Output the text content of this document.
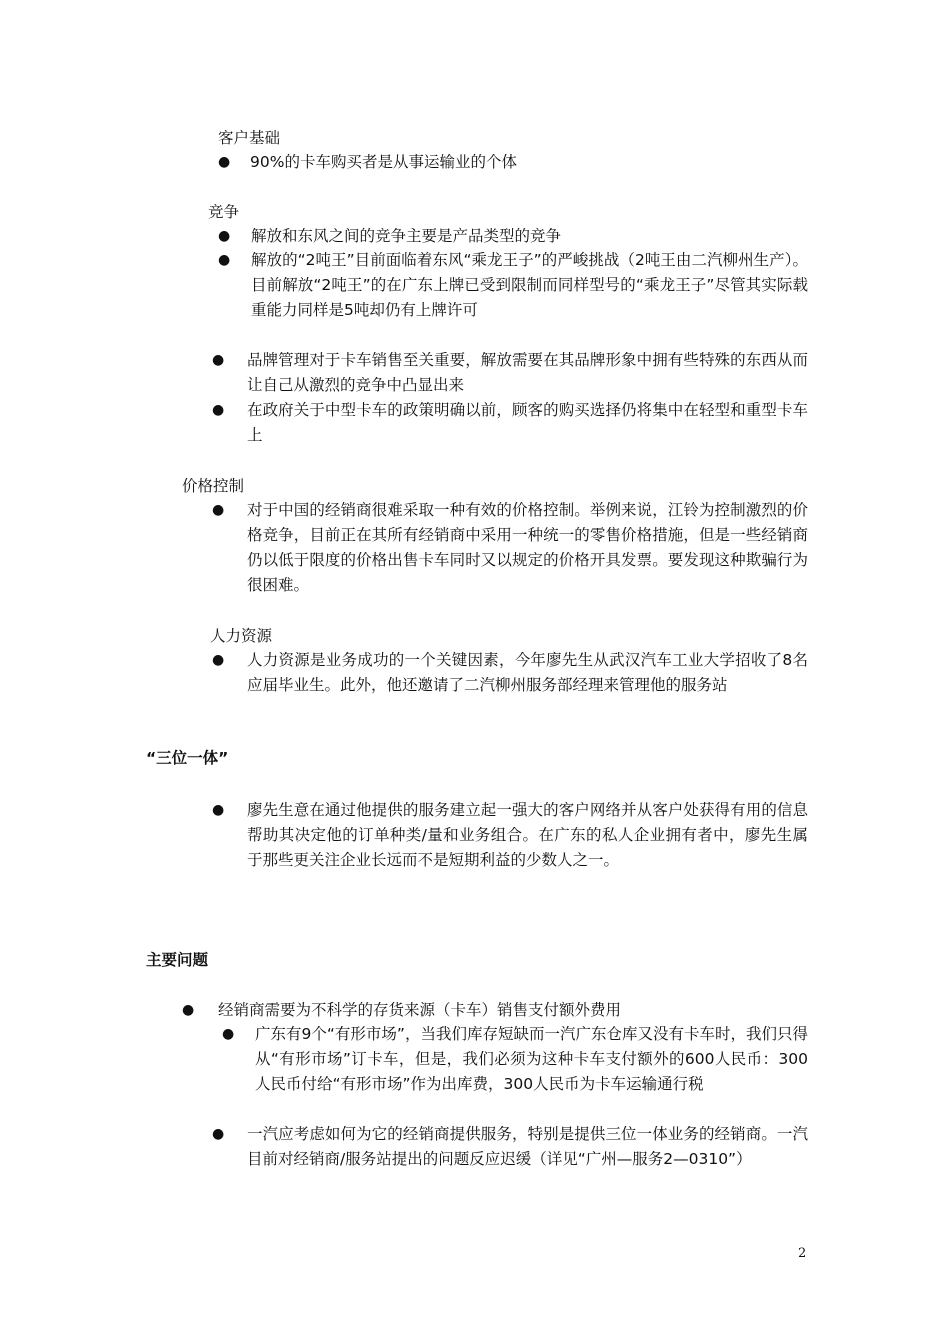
客户基础
● 90%的卡车购买者是从事运输业的个体
竞争
● 解放和东风之间的竞争主要是产品类型的竞争
● 解放的“2吨王”目前面临着东风“乘龙王子”的严峻挑战（2吨王由二汽柳州生产）。目前解放“2吨王”的在广东上牌已受到限制而同样型号的“乘龙王子”尽管其实际载重能力同样是5吨却仍有上牌许可
● 品牌管理对于卡车销售至关重要，解放需要在其品牌形象中拥有些特殊的东西从而让自己从激烈的竞争中凸显出来
● 在政府关于中型卡车的政策明确以前，顾客的购买选择仍将集中在轻型和重型卡车上
价格控制
● 对于中国的经销商很难采取一种有效的价格控制。举例来说，江铃为控制激烈的价格竞争，目前正在其所有经销商中采用一种统一的零售价格措施，但是一些经销商仍以低于限度的价格出售卡车同时又以规定的价格开具发票。要发现这种欺骗行为很困难。
人力资源
● 人力资源是业务成功的一个关键因素，今年廖先生从武汉汽车工业大学招收了8名应届毕业生。此外，他还邀请了二汽柳州服务部经理来管理他的服务站
“三位一体”
● 廖先生意在通过他提供的服务建立起一强大的客户网络并从客户处获得有用的信息帮助其决定他的订单种类/量和业务组合。在广东的私人企业拥有者中，廖先生属于那些更关注企业长远而不是短期利益的少数人之一。
主要问题
● 经销商需要为不科学的存货来源（卡车）销售支付额外费用
● 广东有9个“有形市场”，当我们库存短缺而一汽广东仓库又没有卡车时，我们只得从“有形市场”订卡车，但是，我们必须为这种卡车支付额外的600人民币：300人民币付给“有形市场”作为出库费，300人民币为卡车运输通行税
● 一汽应考虑如何为它的经销商提供服务，特别是提供三位一体业务的经销商。一汽目前对经销商/服务站提出的问题反应迟缓（详见“广州—服务2—0310”）
2
